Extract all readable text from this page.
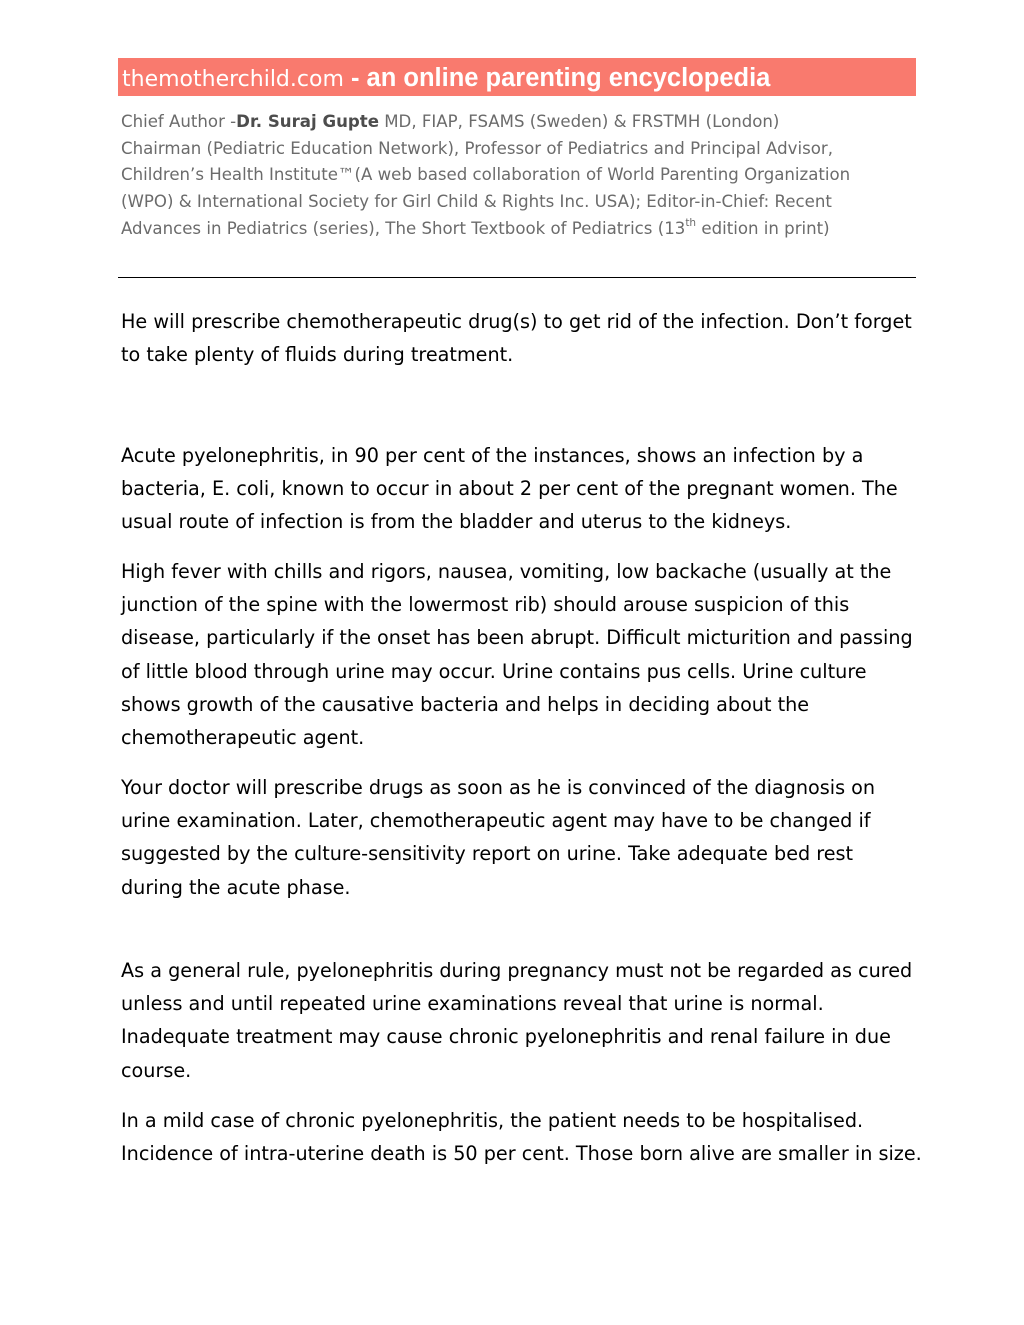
themotherchild.com - an online parenting encyclopedia
Chief Author -Dr. Suraj Gupte MD, FIAP, FSAMS (Sweden) & FRSTMH (London)
Chairman (Pediatric Education Network), Professor of Pediatrics and Principal Advisor,
Children’s Health Institute™(A web based collaboration of World Parenting Organization
(WPO) & International Society for Girl Child & Rights Inc. USA); Editor-in-Chief: Recent
Advances in Pediatrics (series), The Short Textbook of Pediatrics (13th edition in print)

He will prescribe chemotherapeutic drug(s) to get rid of the infection. Don’t forget
to take plenty of fluids during treatment.

Acute pyelonephritis, in 90 per cent of the instances, shows an infection by a
bacteria, E. coli, known to occur in about 2 per cent of the pregnant women. The
usual route of infection is from the bladder and uterus to the kidneys.

High fever with chills and rigors, nausea, vomiting, low backache (usually at the
junction of the spine with the lowermost rib) should arouse suspicion of this
disease, particularly if the onset has been abrupt. Difficult micturition and passing
of little blood through urine may occur. Urine contains pus cells. Urine culture
shows growth of the causative bacteria and helps in deciding about the
chemotherapeutic agent.

Your doctor will prescribe drugs as soon as he is convinced of the diagnosis on
urine examination. Later, chemotherapeutic agent may have to be changed if
suggested by the culture-sensitivity report on urine. Take adequate bed rest
during the acute phase.

As a general rule, pyelonephritis during pregnancy must not be regarded as cured
unless and until repeated urine examinations reveal that urine is normal.
Inadequate treatment may cause chronic pyelonephritis and renal failure in due
course.

In a mild case of chronic pyelonephritis, the patient needs to be hospitalised.
Incidence of intra-uterine death is 50 per cent. Those born alive are smaller in size.
